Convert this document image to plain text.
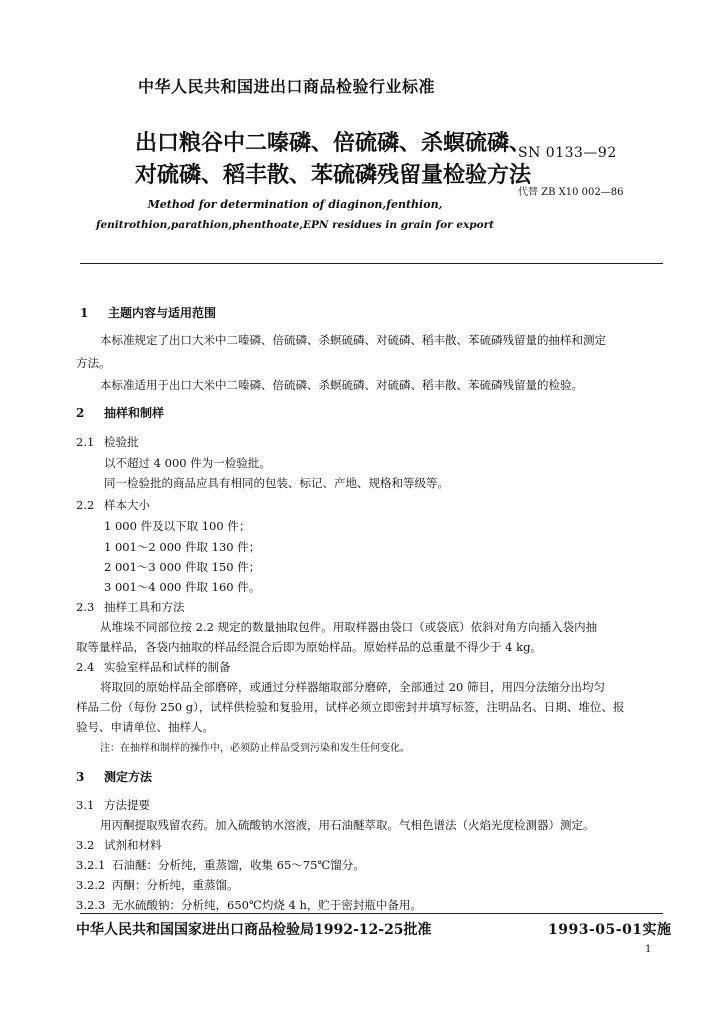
中华人民共和国进出口商品检验行业标准
出口粮谷中二嗪磷、倍硫磷、杀螟硫磷、
对硫磷、稻丰散、苯硫磷残留量检验方法
SN 0133—92
代替 ZB X10 002—86
Method for determination of diaginon,fenthion,
fenitrothion,parathion,phenthoate,EPN residues in grain for export
1 主题内容与适用范围
本标准规定了出口大米中二嗪磷、倍硫磷、杀螟硫磷、对硫磷、稻丰散、苯硫磷残留量的抽样和测定
方法。
本标准适用于出口大米中二嗪磷、倍硫磷、杀螟硫磷、对硫磷、稻丰散、苯硫磷残留量的检验。
2 抽样和制样
2.1 检验批
以不超过 4 000 件为一检验批。
同一检验批的商品应具有相同的包装、标记、产地、规格和等级等。
2.2 样本大小
1 000 件及以下取 100 件；
1 001～2 000 件取 130 件；
2 001～3 000 件取 150 件；
3 001～4 000 件取 160 件。
2.3 抽样工具和方法
从堆垛不同部位按 2.2 规定的数量抽取包件。用取样器由袋口（或袋底）依斜对角方向插入袋内抽
取等量样品，各袋内抽取的样品经混合后即为原始样品。原始样品的总重量不得少于 4 kg。
2.4 实验室样品和试样的制备
将取回的原始样品全部磨碎，或通过分样器缩取部分磨碎，全部通过 20 筛目，用四分法缩分出均匀
样品二份（每份 250 g），试样供检验和复验用，试样必须立即密封并填写标签，注明品名、日期、堆位、报
验号、申请单位、抽样人。
注：在抽样和制样的操作中，必须防止样品受到污染和发生任何变化。
3 测定方法
3.1 方法提要
用丙酮提取残留农药。加入硫酸钠水溶液，用石油醚萃取。气相色谱法（火焰光度检测器）测定。
3.2 试剂和材料
3.2.1 石油醚：分析纯，重蒸馏，收集 65～75℃馏分。
3.2.2 丙酮：分析纯，重蒸馏。
3.2.3 无水硫酸钠：分析纯，650℃灼烧 4 h，贮于密封瓶中备用。
中华人民共和国国家进出口商品检验局1992-12-25批准	1993-05-01实施
1
